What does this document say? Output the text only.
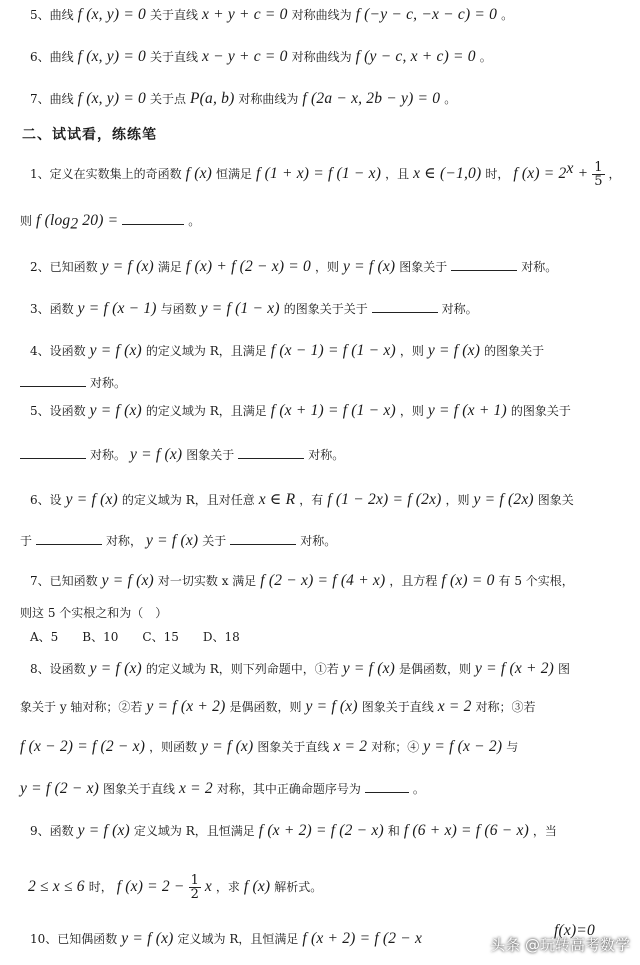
5、曲线 f (x, y) = 0 关于直线 x + y + c = 0 对称曲线为 f (−y − c, −x − c) = 0 。
6、曲线 f (x, y) = 0 关于直线 x − y + c = 0 对称曲线为 f (y − c, x + c) = 0 。
7、曲线 f (x, y) = 0 关于点 P(a, b) 对称曲线为 f (2a − x, 2b − y) = 0 。
二、试试看，练练笔
1、定义在实数集上的奇函数 f (x) 恒满足 f (1 + x) = f (1 − x) ，且 x ∈ (−1,0) 时， f $(x) = 2^x + \frac{1}{5}$ ，
则 f ($\log_2$ 20) =	。
2、已知函数 y = f (x) 满足 f (x) + f (2 − x) = 0 ，则 y = f (x) 图象关于	对称。
3、函数 y = f (x − 1) 与函数 y = f (1 − x) 的图象关于关于	对称。
4、设函数 y = f (x) 的定义域为 R，且满足 f (x − 1) = f (1 − x) ，则 y = f (x) 的图象关于
对称。
5、设函数 y = f (x) 的定义域为 R，且满足 f (x + 1) = f (1 − x) ，则 y = f (x + 1) 的图象关于
对称。 y = f (x) 图象关于	对称。
6、设 y = f (x) 的定义域为 R，且对任意 x ∈ R ，有 f (1 − 2x) = f (2x) ，则 y = f (2x) 图象关
于	对称， y = f (x) 关于	对称。
7、已知函数 y = f (x) 对一切实数 x 满足 f (2 − x) = f (4 + x) ，且方程 f (x) = 0 有 5 个实根，
则这 5 个实根之和为（　）
A、5　　B、10　　C、15　　D、18
8、设函数 y = f (x) 的定义域为 R，则下列命题中，①若 y = f (x) 是偶函数，则 y = f (x + 2) 图
象关于 y 轴对称；②若 y = f (x + 2) 是偶函数，则 y = f (x) 图象关于直线 x = 2 对称；③若
f (x − 2) = f (2 − x) ，则函数 y = f (x) 图象关于直线 x = 2 对称；④ y = f (x − 2) 与
y = f (2 − x) 图象关于直线 x = 2 对称，其中正确命题序号为	。
9、函数 y = f (x) 定义域为 R，且恒满足 f (x + 2) = f (2 − x) 和 f (6 + x) = f (6 − x) ，当
2 ≤ x ≤ 6 时， f $(x) = 2 - \frac{1}{2}$ x ，求 f (x) 解析式。
10、已知偶函数 y = f (x) 定义域为 R，且恒满足 f (x + 2) = f (2 − x	f(x)=0
头条 @玩转高考数学
